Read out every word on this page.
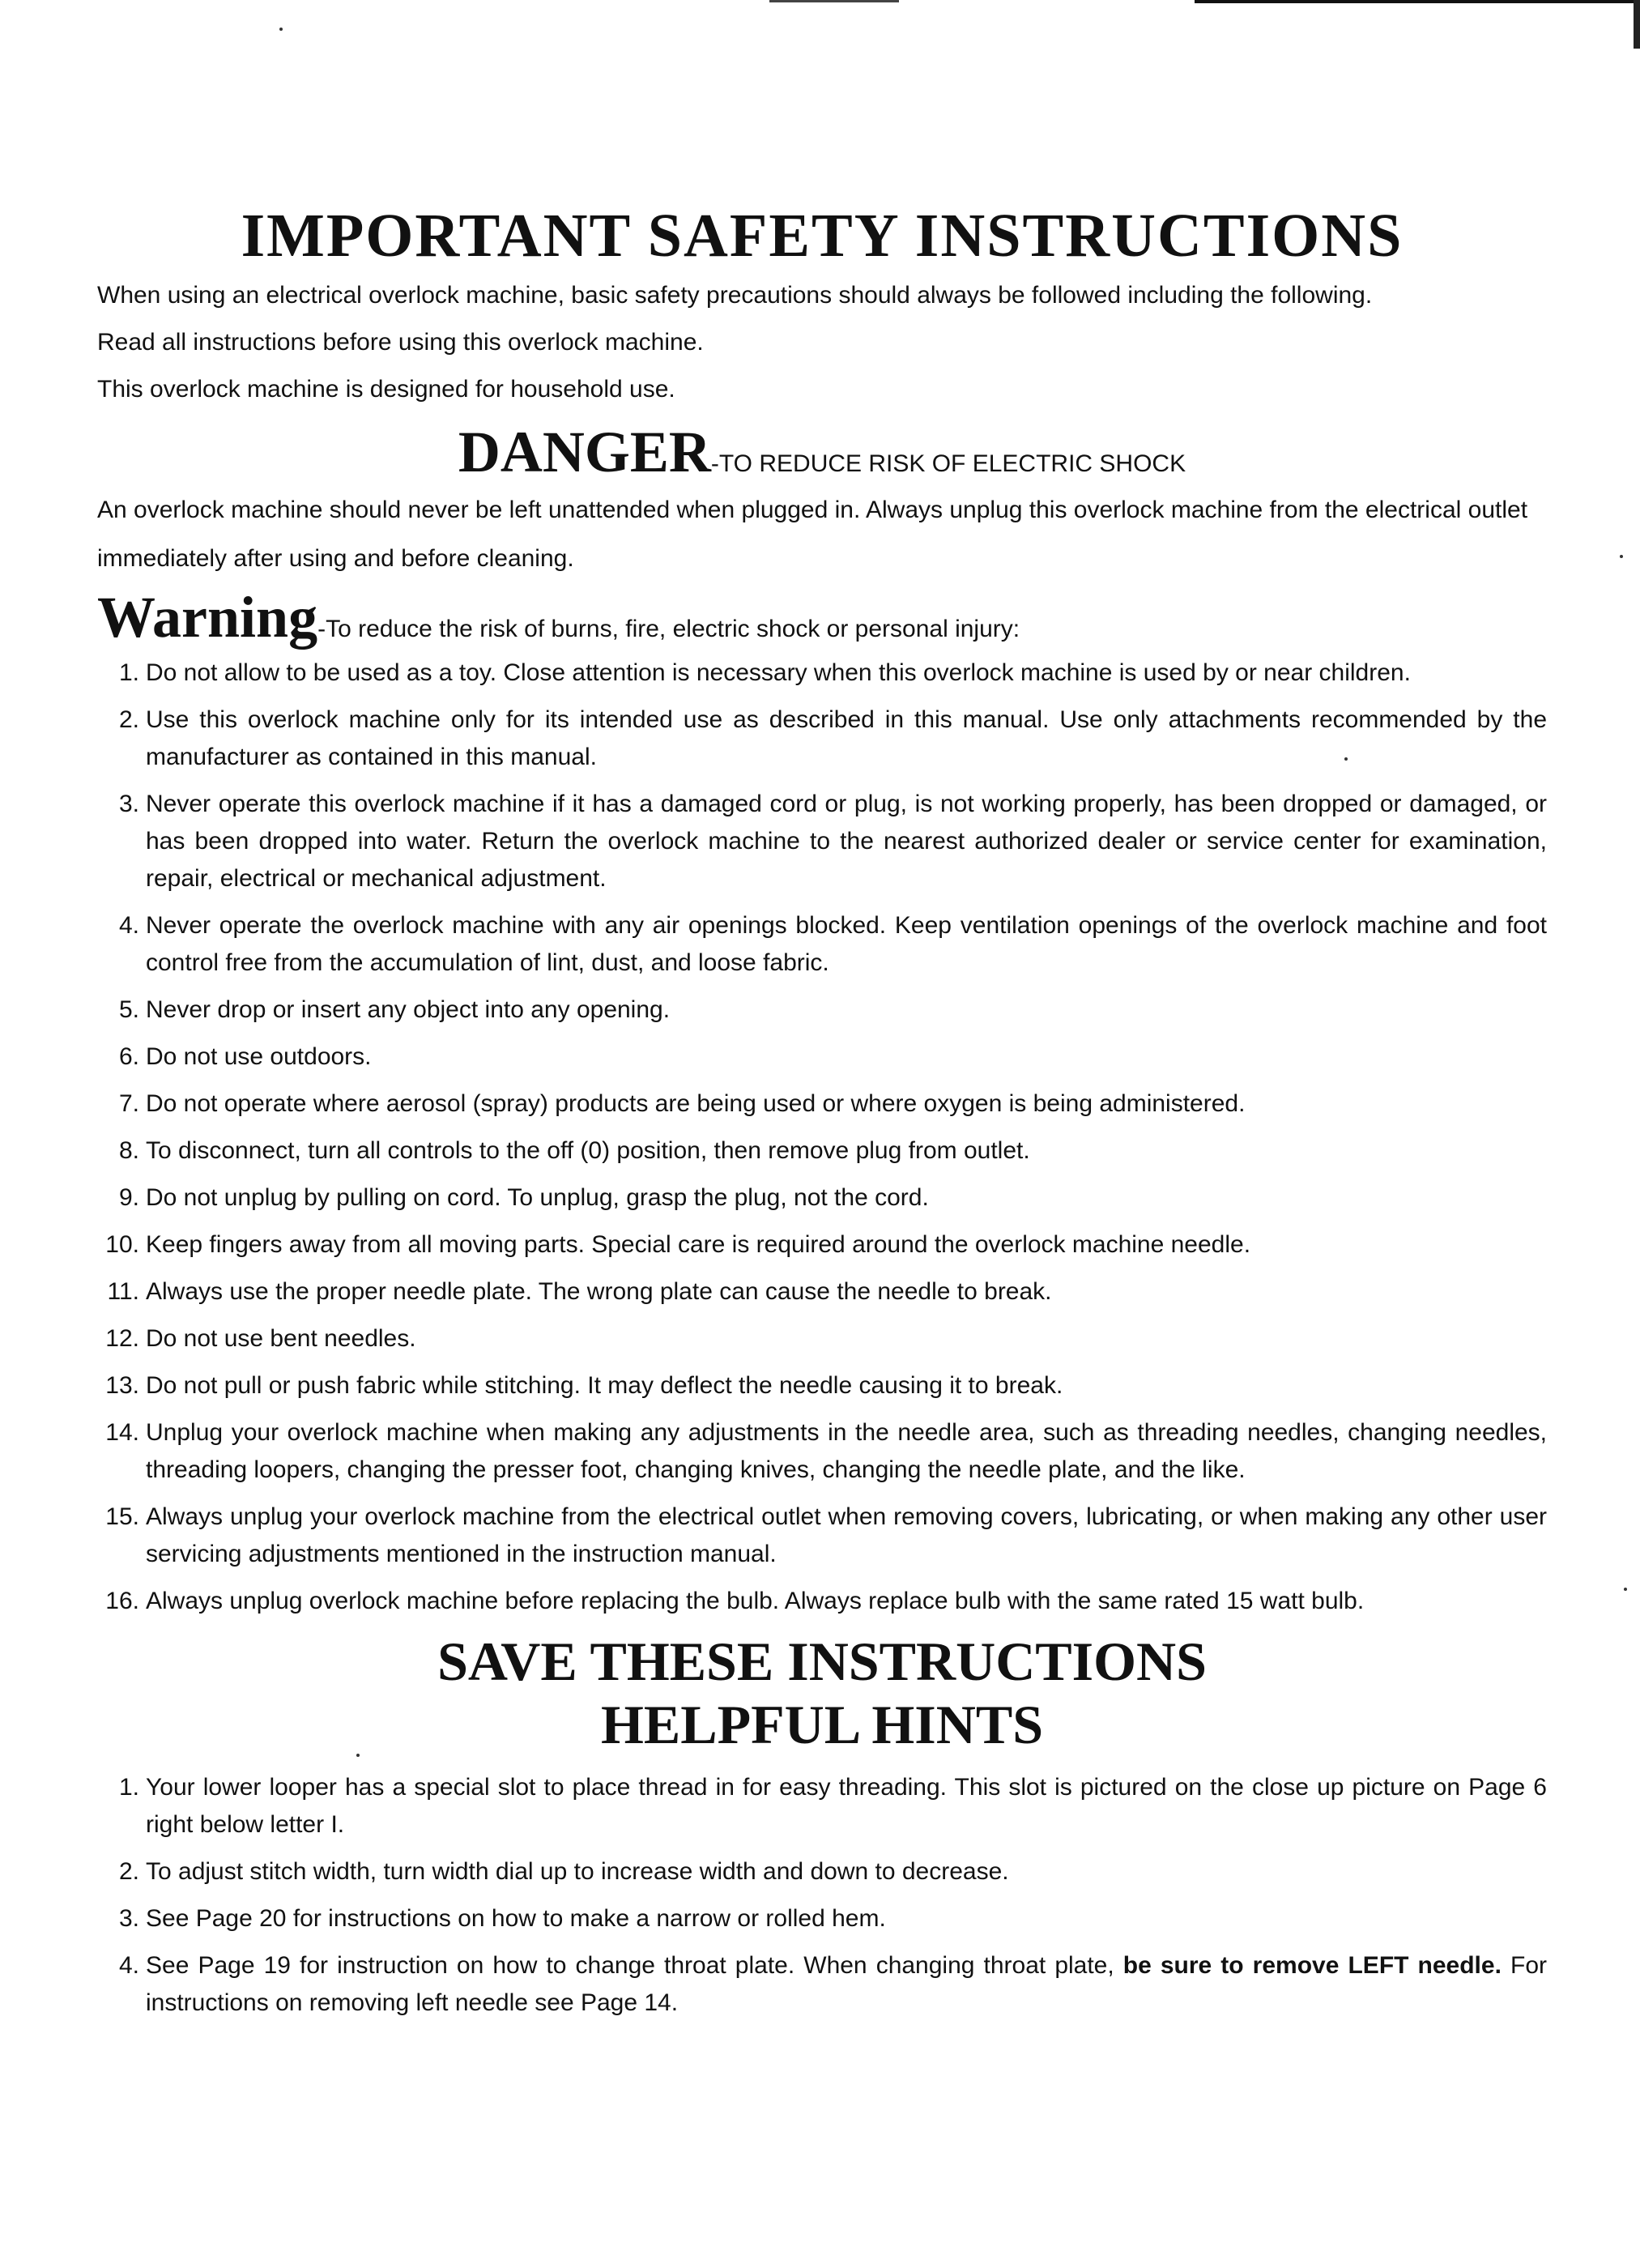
IMPORTANT SAFETY INSTRUCTIONS

When using an electrical overlock machine, basic safety precautions should always be followed including the following.

Read all instructions before using this overlock machine.

This overlock machine is designed for household use.

DANGER-TO REDUCE RISK OF ELECTRIC SHOCK

An overlock machine should never be left unattended when plugged in. Always unplug this overlock machine from the electrical outlet immediately after using and before cleaning.

Warning-To reduce the risk of burns, fire, electric shock or personal injury:
1. Do not allow to be used as a toy. Close attention is necessary when this overlock machine is used by or near children.
2. Use this overlock machine only for its intended use as described in this manual. Use only attachments recommended by the manufacturer as contained in this manual.
3. Never operate this overlock machine if it has a damaged cord or plug, is not working properly, has been dropped or damaged, or has been dropped into water. Return the overlock machine to the nearest authorized dealer or service center for examination, repair, electrical or mechanical adjustment.
4. Never operate the overlock machine with any air openings blocked. Keep ventilation openings of the overlock machine and foot control free from the accumulation of lint, dust, and loose fabric.
5. Never drop or insert any object into any opening.
6. Do not use outdoors.
7. Do not operate where aerosol (spray) products are being used or where oxygen is being administered.
8. To disconnect, turn all controls to the off (0) position, then remove plug from outlet.
9. Do not unplug by pulling on cord. To unplug, grasp the plug, not the cord.
10. Keep fingers away from all moving parts. Special care is required around the overlock machine needle.
11. Always use the proper needle plate. The wrong plate can cause the needle to break.
12. Do not use bent needles.
13. Do not pull or push fabric while stitching. It may deflect the needle causing it to break.
14. Unplug your overlock machine when making any adjustments in the needle area, such as threading needles, changing needles, threading loopers, changing the presser foot, changing knives, changing the needle plate, and the like.
15. Always unplug your overlock machine from the electrical outlet when removing covers, lubricating, or when making any other user servicing adjustments mentioned in the instruction manual.
16. Always unplug overlock machine before replacing the bulb. Always replace bulb with the same rated 15 watt bulb.
SAVE THESE INSTRUCTIONS
HELPFUL HINTS
1. Your lower looper has a special slot to place thread in for easy threading. This slot is pictured on the close up picture on Page 6 right below letter I.
2. To adjust stitch width, turn width dial up to increase width and down to decrease.
3. See Page 20 for instructions on how to make a narrow or rolled hem.
4. See Page 19 for instruction on how to change throat plate. When changing throat plate, be sure to remove LEFT needle. For instructions on removing left needle see Page 14.
